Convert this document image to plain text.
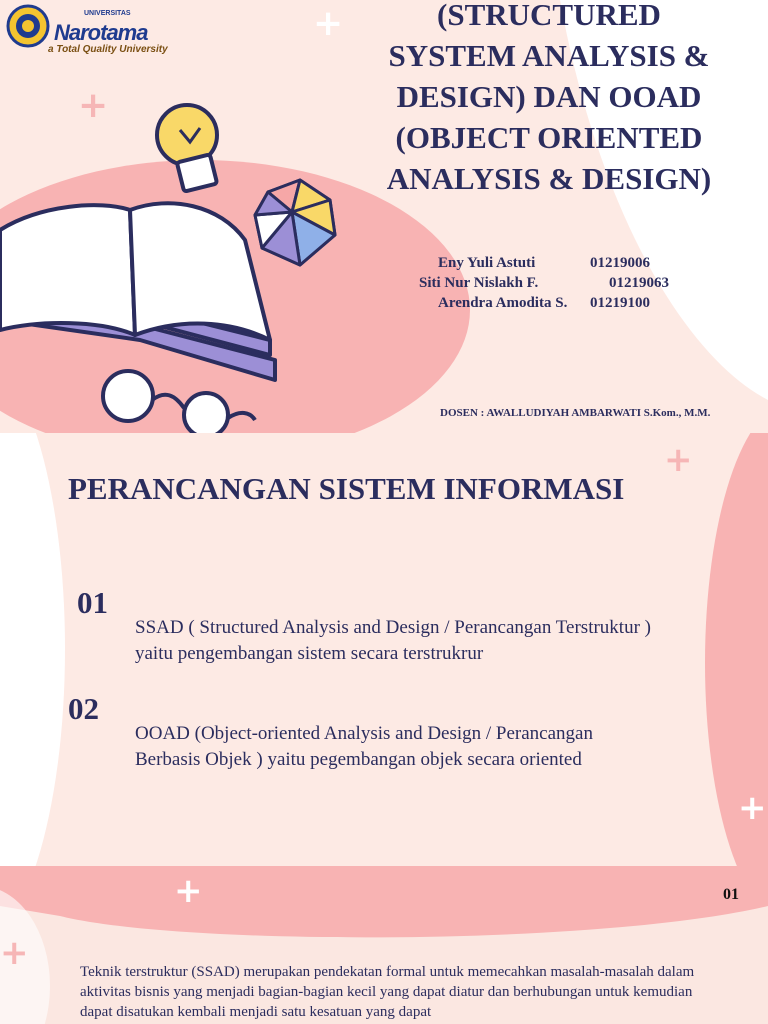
+
+
+
UNIVERSITAS
Narotama
a Total Quality University
(STRUCTURED SYSTEM ANALYSIS & DESIGN) DAN OOAD (OBJECT ORIENTED ANALYSIS & DESIGN)
Eny Yuli Astuti	01219006
Siti Nur Nislakh F.	01219063
Arendra Amodita S.	01219100
DOSEN : AWALLUDIYAH AMBARWATI S.Kom., M.M.
+
+
+
PERANCANGAN SISTEM INFORMASI
01
SSAD ( Structured Analysis and Design / Perancangan Terstruktur )
yaitu pengembangan sistem secara terstrukrur
02
OOAD (Object-oriented Analysis and Design / Perancangan
Berbasis Objek ) yaitu pegembangan objek secara oriented
+
+
01
Teknik terstruktur (SSAD) merupakan pendekatan formal untuk memecahkan masalah-masalah dalam aktivitas bisnis yang menjadi bagian-bagian kecil yang dapat diatur dan berhubungan untuk kemudian dapat disatukan kembali menjadi satu kesatuan yang dapat
